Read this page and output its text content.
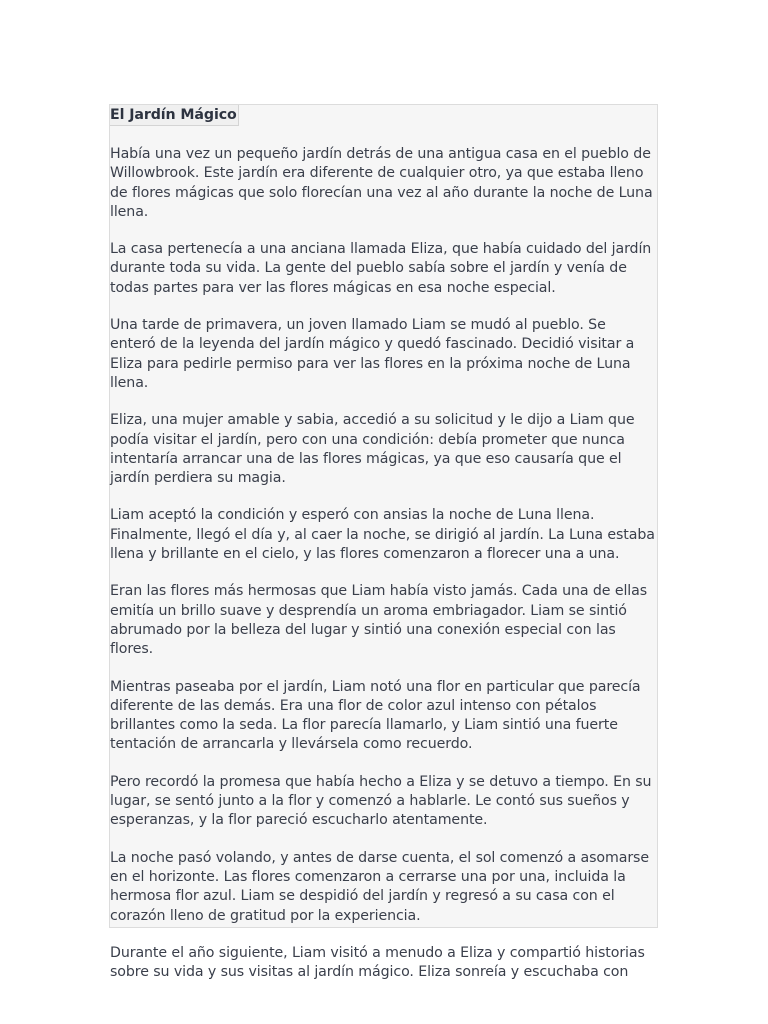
El Jardín Mágico

Había una vez un pequeño jardín detrás de una antigua casa en el pueblo de Willowbrook. Este jardín era diferente de cualquier otro, ya que estaba lleno de flores mágicas que solo florecían una vez al año durante la noche de Luna llena.

La casa pertenecía a una anciana llamada Eliza, que había cuidado del jardín durante toda su vida. La gente del pueblo sabía sobre el jardín y venía de todas partes para ver las flores mágicas en esa noche especial.

Una tarde de primavera, un joven llamado Liam se mudó al pueblo. Se enteró de la leyenda del jardín mágico y quedó fascinado. Decidió visitar a Eliza para pedirle permiso para ver las flores en la próxima noche de Luna llena.

Eliza, una mujer amable y sabia, accedió a su solicitud y le dijo a Liam que podía visitar el jardín, pero con una condición: debía prometer que nunca intentaría arrancar una de las flores mágicas, ya que eso causaría que el jardín perdiera su magia.

Liam aceptó la condición y esperó con ansias la noche de Luna llena. Finalmente, llegó el día y, al caer la noche, se dirigió al jardín. La Luna estaba llena y brillante en el cielo, y las flores comenzaron a florecer una a una.

Eran las flores más hermosas que Liam había visto jamás. Cada una de ellas emitía un brillo suave y desprendía un aroma embriagador. Liam se sintió abrumado por la belleza del lugar y sintió una conexión especial con las flores.

Mientras paseaba por el jardín, Liam notó una flor en particular que parecía diferente de las demás. Era una flor de color azul intenso con pétalos brillantes como la seda. La flor parecía llamarlo, y Liam sintió una fuerte tentación de arrancarla y llevársela como recuerdo.

Pero recordó la promesa que había hecho a Eliza y se detuvo a tiempo. En su lugar, se sentó junto a la flor y comenzó a hablarle. Le contó sus sueños y esperanzas, y la flor pareció escucharlo atentamente.

La noche pasó volando, y antes de darse cuenta, el sol comenzó a asomarse en el horizonte. Las flores comenzaron a cerrarse una por una, incluida la hermosa flor azul. Liam se despidió del jardín y regresó a su casa con el corazón lleno de gratitud por la experiencia.

Durante el año siguiente, Liam visitó a menudo a Eliza y compartió historias sobre su vida y sus visitas al jardín mágico. Eliza sonreía y escuchaba con
